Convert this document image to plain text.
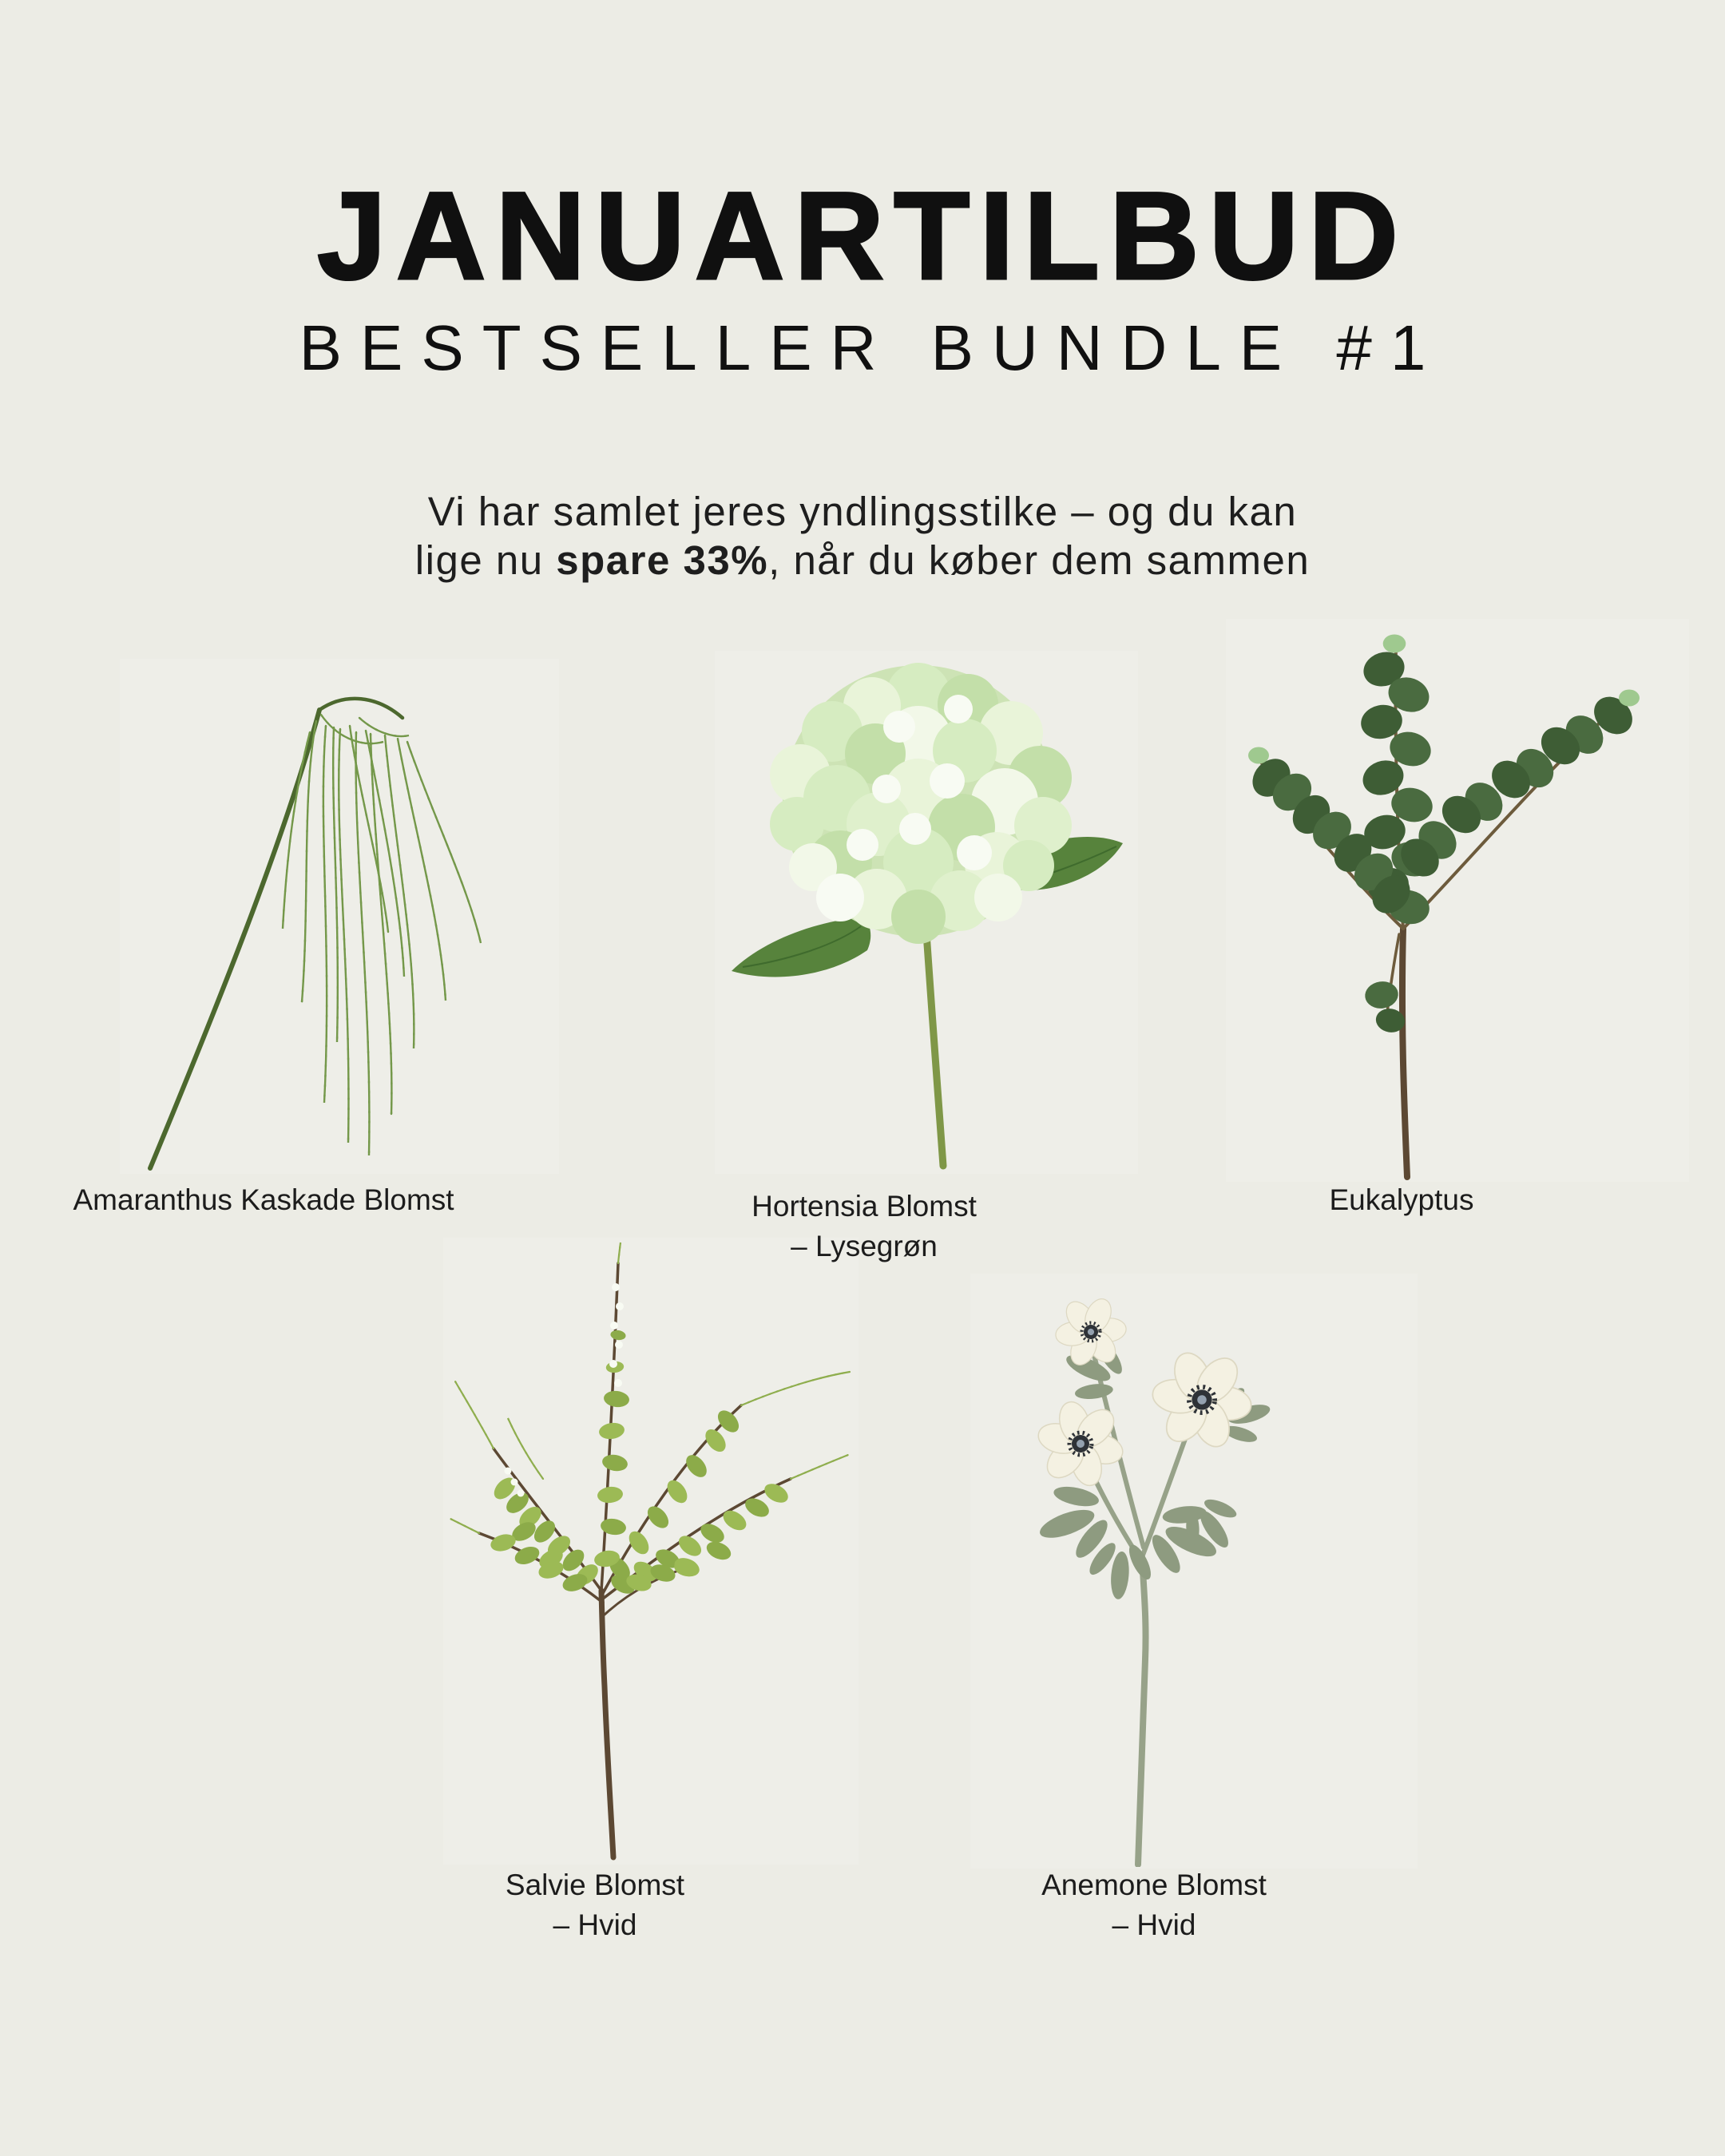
JANUARTILBUD

BESTSELLER BUNDLE #1

Vi har samlet jeres yndlingsstilke – og du kan
lige nu spare 33%, når du køber dem sammen

Amaranthus Kaskade Blomst	Hortensia Blomst
– Lysegrøn
Eukalyptus
Salvie Blomst
– Hvid
Anemone Blomst
– Hvid
